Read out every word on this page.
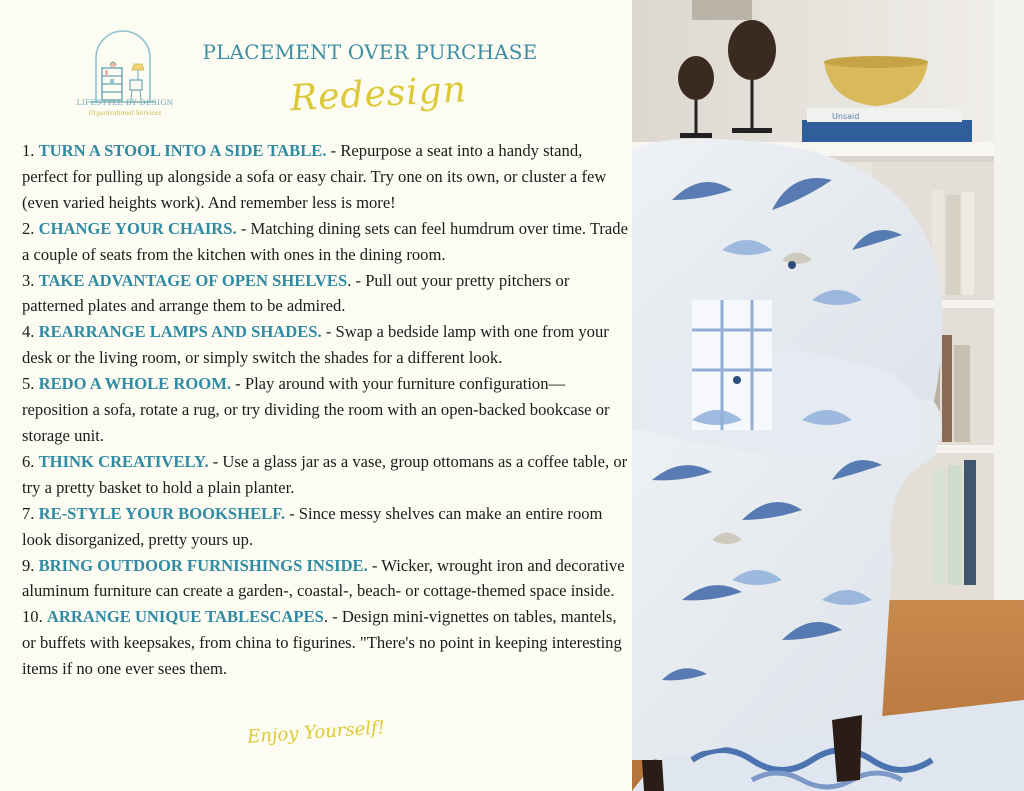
LIFESTYLE BY DESIGN
Organizational Services
PLACEMENT OVER PURCHASE
Redesign

1. TURN A STOOL INTO A SIDE TABLE. - Repurpose a seat into a handy stand, perfect for pulling up alongside a sofa or easy chair. Try one on its own, or cluster a few (even varied heights work). And remember less is more!

2. CHANGE YOUR CHAIRS. - Matching dining sets can feel humdrum over time. Trade a couple of seats from the kitchen with ones in the dining room.

3. TAKE ADVANTAGE OF OPEN SHELVES. - Pull out your pretty pitchers or patterned plates and arrange them to be admired.

4. REARRANGE LAMPS AND SHADES. - Swap a bedside lamp with one from your desk or the living room, or simply switch the shades for a different look.

5. REDO A WHOLE ROOM. - Play around with your furniture configuration—reposition a sofa, rotate a rug, or try dividing the room with an open-backed bookcase or storage unit.

6. THINK CREATIVELY. - Use a glass jar as a vase, group ottomans as a coffee table, or try a pretty basket to hold a plain planter.

7. RE-STYLE YOUR BOOKSHELF. - Since messy shelves can make an entire room look disorganized, pretty yours up.

9. BRING OUTDOOR FURNISHINGS INSIDE. - Wicker, wrought iron and decorative aluminum furniture can create a garden-, coastal-, beach- or cottage-themed space inside.

10. ARRANGE UNIQUE TABLESCAPES. - Design mini-vignettes on tables, mantels, or buffets with keepsakes, from china to figurines. "There's no point in keeping interesting items if no one ever sees them.

Enjoy Yourself!
Unsaid
